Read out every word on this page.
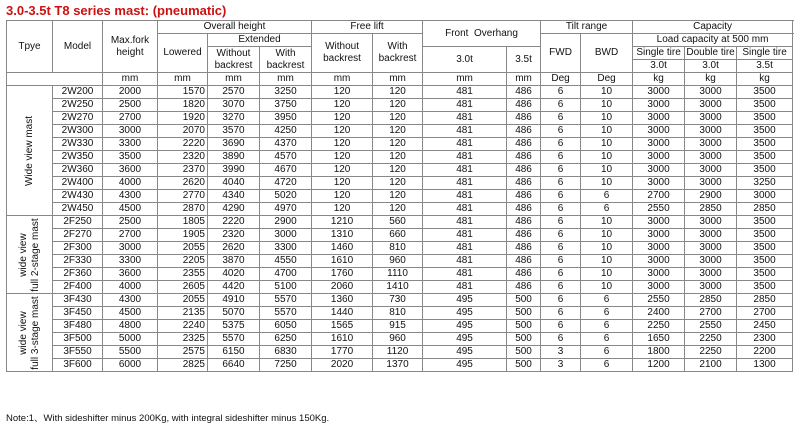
3.0-3.5t T8 series mast: (pneumatic)
Tpye	Model	Max.fork height	Overall height			Free lift		Front Overhang		Tilt range		Capacity			
			Lowered	Extended		Without backrest	With backrest			FWD	BWD	Load capacity at 500 mm			
				Without backrest	With backrest			3.0t	3.5t			Single tire	Double tire	Single tire	
												3.0t	3.0t	3.5t	
		mm	mm	mm	mm	mm	mm	mm	mm	Deg	Deg	kg	kg	kg	

Wide view mast	2W200	2000	1570	2570	3250	120	120	481	486	6	10	3000	3000	3500	
	2W250	2500	1820	3070	3750	120	120	481	486	6	10	3000	3000	3500	
	2W270	2700	1920	3270	3950	120	120	481	486	6	10	3000	3000	3500	
	2W300	3000	2070	3570	4250	120	120	481	486	6	10	3000	3000	3500	
	2W330	3300	2220	3690	4370	120	120	481	486	6	10	3000	3000	3500	
	2W350	3500	2320	3890	4570	120	120	481	486	6	10	3000	3000	3500	
	2W360	3600	2370	3990	4670	120	120	481	486	6	10	3000	3000	3500	
	2W400	4000	2620	4040	4720	120	120	481	486	6	10	3000	3000	3250	
	2W430	4300	2770	4340	5020	120	120	481	486	6	6	2700	2900	3000	
	2W450	4500	2870	4290	4970	120	120	481	486	6	6	2550	2850	2850	

wide view full 2-stage mast	2F250	2500	1805	2220	2900	1210	560	481	486	6	10	3000	3000	3500	
	2F270	2700	1905	2320	3000	1310	660	481	486	6	10	3000	3000	3500	
	2F300	3000	2055	2620	3300	1460	810	481	486	6	10	3000	3000	3500	
	2F330	3300	2205	3870	4550	1610	960	481	486	6	10	3000	3000	3500	
	2F360	3600	2355	4020	4700	1760	1110	481	486	6	10	3000	3000	3500	
	2F400	4000	2605	4420	5100	2060	1410	481	486	6	10	3000	3000	3500	

wide view full 3-stage mast	3F430	4300	2055	4910	5570	1360	730	495	500	6	6	2550	2850	2850	
	3F450	4500	2135	5070	5570	1440	810	495	500	6	6	2400	2700	2700	
	3F480	4800	2240	5375	6050	1565	915	495	500	6	6	2250	2550	2450	
	3F500	5000	2325	5570	6250	1610	960	495	500	6	6	1650	2250	2300	
	3F550	5500	2575	6150	6830	1770	1120	495	500	3	6	1800	2250	2200	
	3F600	6000	2825	6640	7250	2020	1370	495	500	3	6	1200	2100	1300	
Note:1、With sideshifter minus 200Kg, with integral sideshifter minus 150Kg.
